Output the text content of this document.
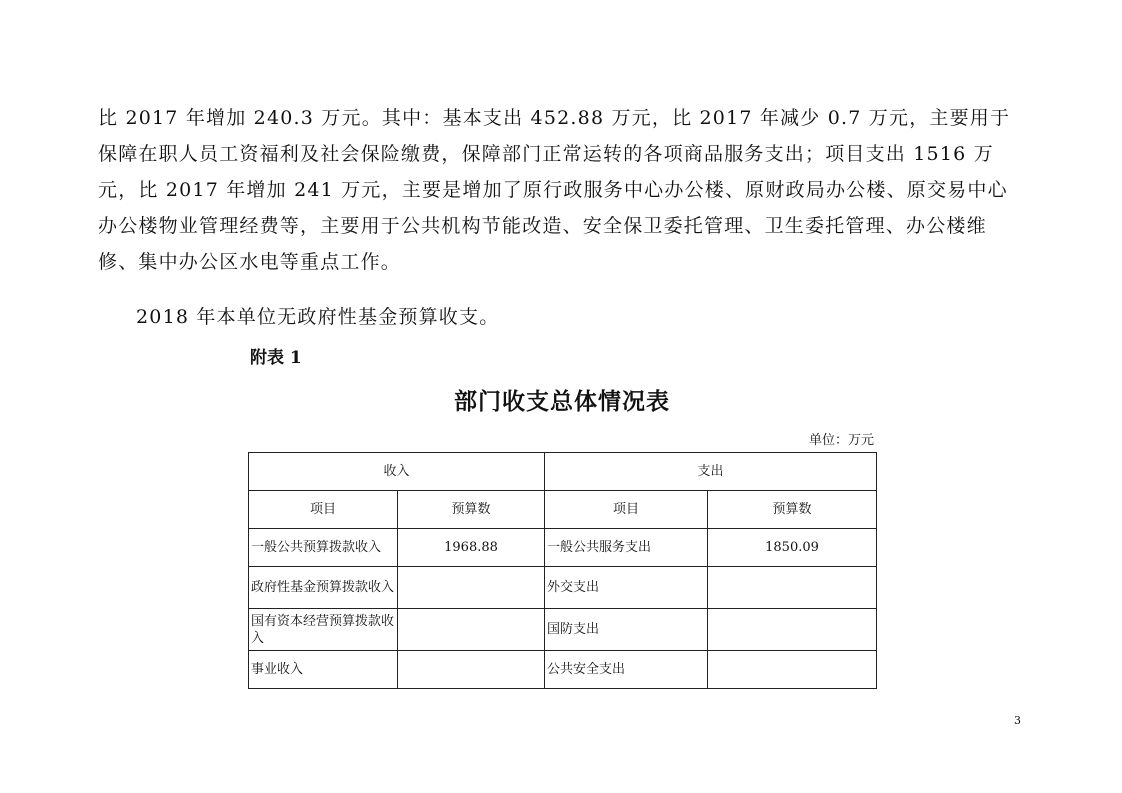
比 2017 年增加 240.3 万元。其中：基本支出 452.88 万元，比 2017 年减少 0.7 万元，主要用于保障在职人员工资福利及社会保险缴费，保障部门正常运转的各项商品服务支出；项目支出 1516 万元，比 2017 年增加 241 万元，主要是增加了原行政服务中心办公楼、原财政局办公楼、原交易中心办公楼物业管理经费等，主要用于公共机构节能改造、安全保卫委托管理、卫生委托管理、办公楼维修、集中办公区水电等重点工作。
2018 年本单位无政府性基金预算收支。
附表 1
部门收支总体情况表
单位：万元
收入		支出	
项目	预算数	项目	预算数
一般公共预算拨款收入	1968.88	一般公共服务支出	1850.09
政府性基金预算拨款收入		外交支出	
国有资本经营预算拨款收入		国防支出	
事业收入		公共安全支出	
3
